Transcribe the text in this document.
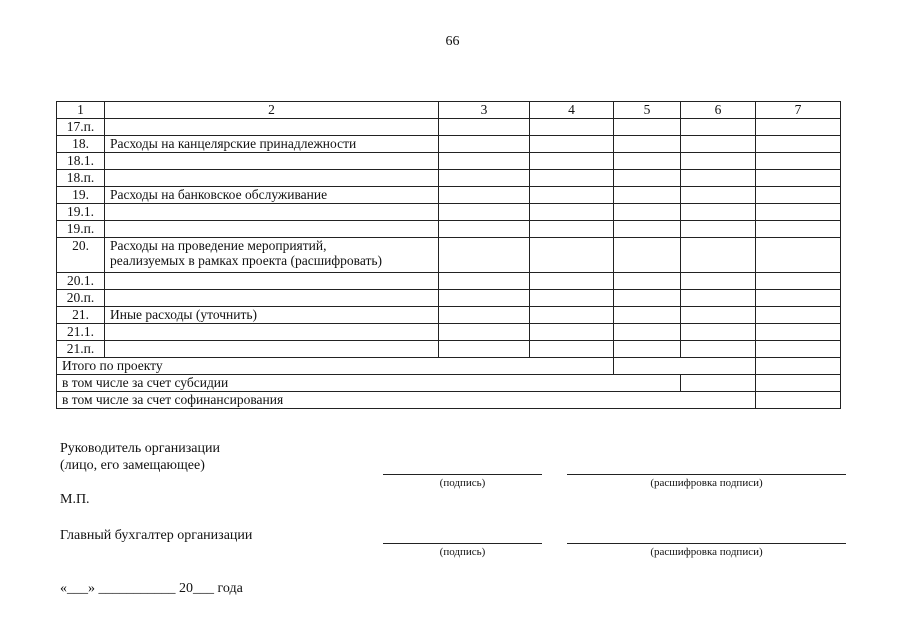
66
1	2	3	4	5	6	7
17.п.						
18.	Расходы на канцелярские принадлежности					
18.1.						
18.п.						
19.	Расходы на банковское обслуживание					
19.1.						
19.п.						
20.	Расходы на проведение мероприятий,
реализуемых в рамках проекта (расшифровать)					
20.1.						
20.п.						
21.	Иные расходы (уточнить)					
21.1.						
21.п.						
Итого по проекту						
в том числе за счет субсидии						
в том числе за счет софинансирования						
Руководитель организации
(лицо, его замещающее)
(подпись)	(расшифровка подписи)
М.П.
Главный бухгалтер организации
(подпись)	(расшифровка подписи)
«___» ___________ 20___ года
